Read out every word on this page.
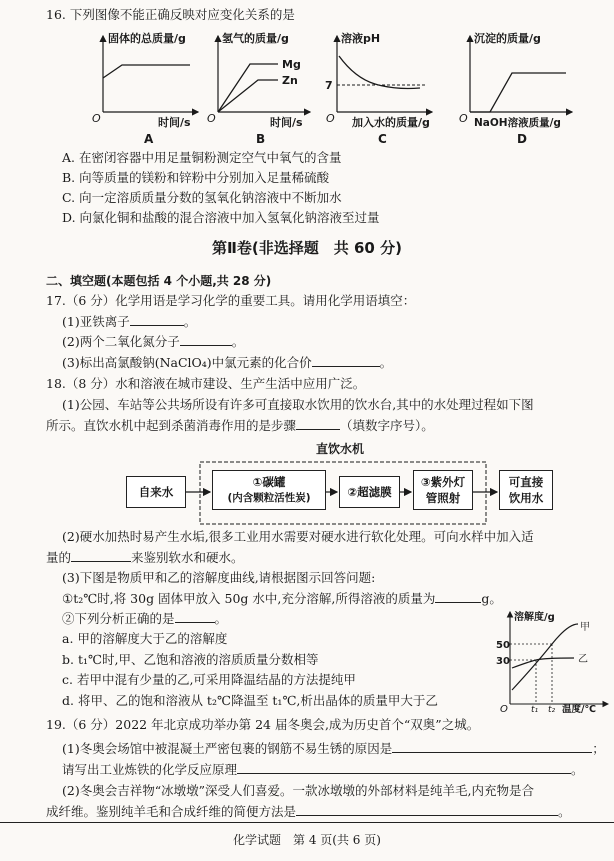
16. 下列图像不能正确反映对应变化关系的是
固体的总质量/g
时间/s
O
A
氢气的质量/g
Mg
Zn
时间/s
O
B
溶液pH
7
加入水的质量/g
O
C
沉淀的质量/g
NaOH溶液质量/g
O
D
A. 在密闭容器中用足量铜粉测定空气中氧气的含量
B. 向等质量的镁粉和锌粉中分别加入足量稀硫酸
C. 向一定溶质质量分数的氢氧化钠溶液中不断加水
D. 向氯化铜和盐酸的混合溶液中加入氢氧化钠溶液至过量
第Ⅱ卷(非选择题　共 60 分)
二、填空题(本题包括 4 个小题,共 28 分)
17.（6 分）化学用语是学习化学的重要工具。请用化学用语填空：
(1)亚铁离子	。
(2)两个二氧化氮分子	。
(3)标出高氯酸钠(NaClO₄)中氯元素的化合价	。
18.（8 分）水和溶液在城市建设、生产生活中应用广泛。
(1)公园、车站等公共场所设有许多可直接取水饮用的饮水台,其中的水处理过程如下图
所示。直饮水机中起到杀菌消毒作用的是步骤	（填数字序号）。
直饮水机
自来水
①碳罐
(内含颗粒活性炭)	②超滤膜
③紫外灯
管照射
可直接
饮用水
(2)硬水加热时易产生水垢,很多工业用水需要对硬水进行软化处理。可向水样中加入适
量的	来鉴别软水和硬水。
(3)下图是物质甲和乙的溶解度曲线,请根据图示回答问题:
①t₂℃时,将 30g 固体甲放入 50g 水中,充分溶解,所得溶液的质量为	g。
②下列分析正确的是	。
a. 甲的溶解度大于乙的溶解度
b. t₁℃时,甲、乙饱和溶液的溶质质量分数相等
c. 若甲中混有少量的乙,可采用降温结晶的方法提纯甲
d. 将甲、乙的饱和溶液从 t₂℃降温至 t₁℃,析出晶体的质量甲大于乙
溶解度/g
甲
乙
50
30
O	t₁ t₂ 温度/℃
19.（6 分）2022 年北京成功举办第 24 届冬奥会,成为历史首个“双奥”之城。
(1)冬奥会场馆中被混凝土严密包裹的钢筋不易生锈的原因是	；
请写出工业炼铁的化学反应原理	。
(2)冬奥会吉祥物“冰墩墩”深受人们喜爱。一款冰墩墩的外部材料是纯羊毛,内充物是合
成纤维。鉴别纯羊毛和合成纤维的简便方法是	。
化学试题　第 4 页(共 6 页)
